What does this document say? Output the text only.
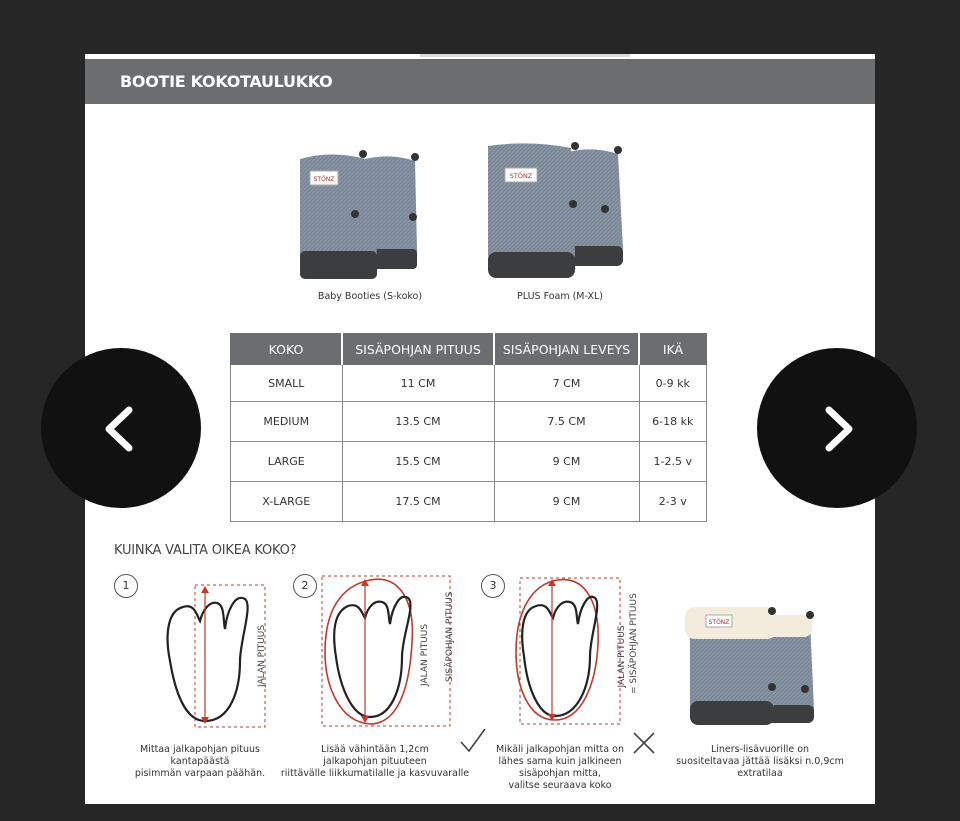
BOOTIE KOKOTAULUKKO
STÖNZ
Baby Booties (S-koko)
STÖNZ
PLUS Foam (M-XL)
KOKO	SISÄPOHJAN PITUUS	SISÄPOHJAN LEVEYS	IKÄ
SMALL	11 CM	7 CM	0-9 kk
MEDIUM	13.5 CM	7.5 CM	6-18 kk
LARGE	15.5 CM	9 CM	1-2.5 v
X-LARGE	17.5 CM	9 CM	2-3 v
KUINKA VALITA OIKEA KOKO?
1
JALAN PITUUS
Mittaa jalkapohjan pituus kantapäästä
pisimmän varpaan päähän.
2
JALAN PITUUS SISÄPOHJAN PITUUS
Lisää vähintään 1,2cm
jalkapohjan pituuteen
riittävälle liikkumatilalle ja kasvuvaralle
3
JALAN PITUUS = SISÄPOHJAN PITUUS
Mikäli jalkapohjan mitta on
lähes sama kuin jalkineen
sisäpohjan mitta,
valitse seuraava koko
STÖNZ
Liners-lisävuorille on
suositeltavaa jättää lisäksi n.0,9cm
extratilaa
